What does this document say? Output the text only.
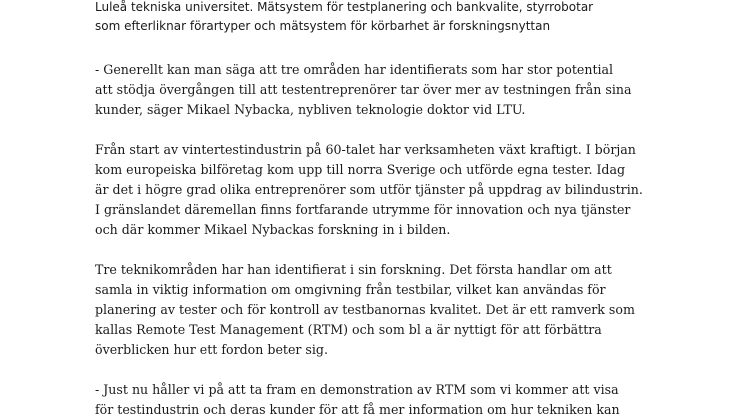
Luleå tekniska universitet. Mätsystem för testplanering och bankvalite, styrrobotar
som efterliknar förartyper och mätsystem för körbarhet är forskningsnyttan

- Generellt kan man säga att tre områden har identifierats som har stor potential
att stödja övergången till att testentreprenörer tar över mer av testningen från sina
kunder, säger Mikael Nybacka, nybliven teknologie doktor vid LTU.

Från start av vintertestindustrin på 60-talet har verksamheten växt kraftigt. I början
kom europeiska bilföretag kom upp till norra Sverige och utförde egna tester. Idag
är det i högre grad olika entreprenörer som utför tjänster på uppdrag av bilindustrin.
I gränslandet däremellan finns fortfarande utrymme för innovation och nya tjänster
och där kommer Mikael Nybackas forskning in i bilden.

Tre teknikområden har han identifierat i sin forskning. Det första handlar om att
samla in viktig information om omgivning från testbilar, vilket kan användas för
planering av tester och för kontroll av testbanornas kvalitet. Det är ett ramverk som
kallas Remote Test Management (RTM) och som bl a är nyttigt för att förbättra
överblicken hur ett fordon beter sig.

- Just nu håller vi på att ta fram en demonstration av RTM som vi kommer att visa
för testindustrin och deras kunder för att få mer information om hur tekniken kan
